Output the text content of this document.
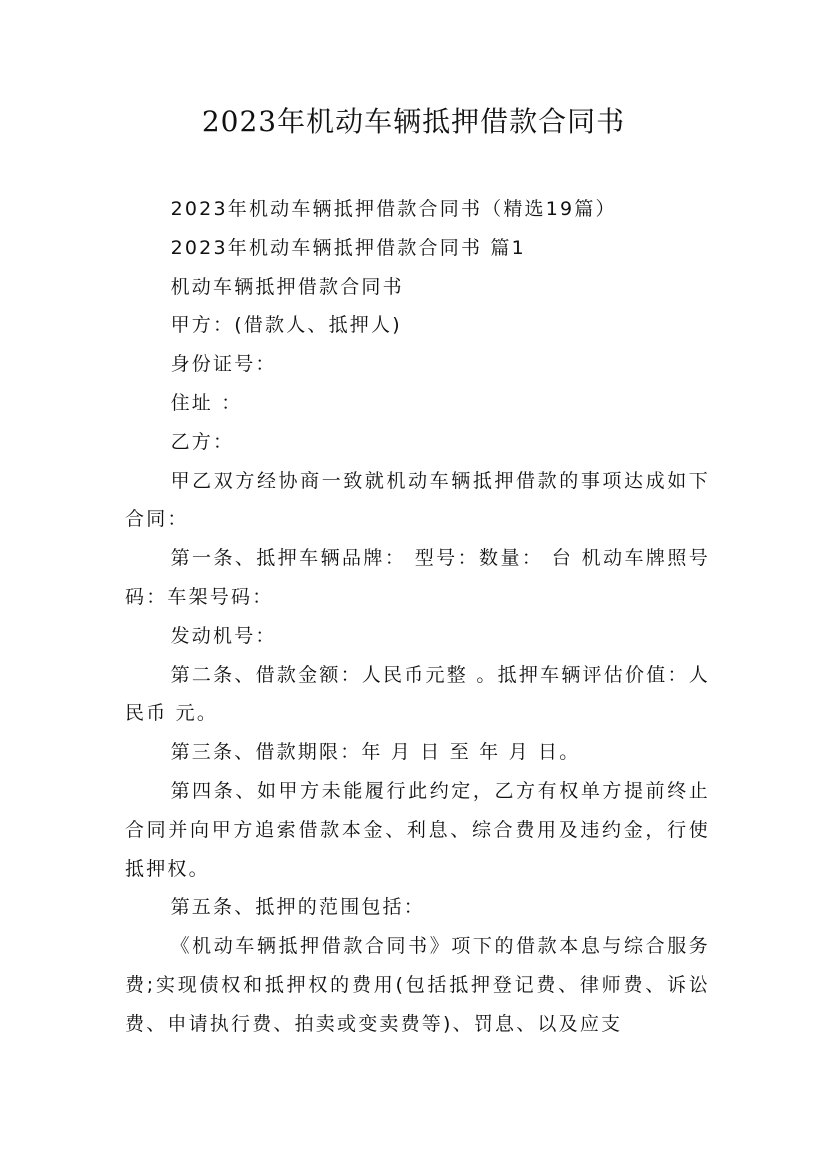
2023年机动车辆抵押借款合同书

2023年机动车辆抵押借款合同书（精选19篇）

2023年机动车辆抵押借款合同书 篇1

机动车辆抵押借款合同书

甲方：(借款人、抵押人)

身份证号：

住址 ：

乙方：

甲乙双方经协商一致就机动车辆抵押借款的事项达成如下合同：

第一条、抵押车辆品牌： 型号：数量： 台 机动车牌照号码：车架号码：

发动机号：

第二条、借款金额：人民币元整 。抵押车辆评估价值：人民币 元。

第三条、借款期限：年 月 日 至 年 月 日。

第四条、如甲方未能履行此约定，乙方有权单方提前终止合同并向甲方追索借款本金、利息、综合费用及违约金，行使抵押权。

第五条、抵押的范围包括：

《机动车辆抵押借款合同书》项下的借款本息与综合服务费;实现债权和抵押权的费用(包括抵押登记费、律师费、诉讼费、申请执行费、拍卖或变卖费等)、罚息、以及应支
